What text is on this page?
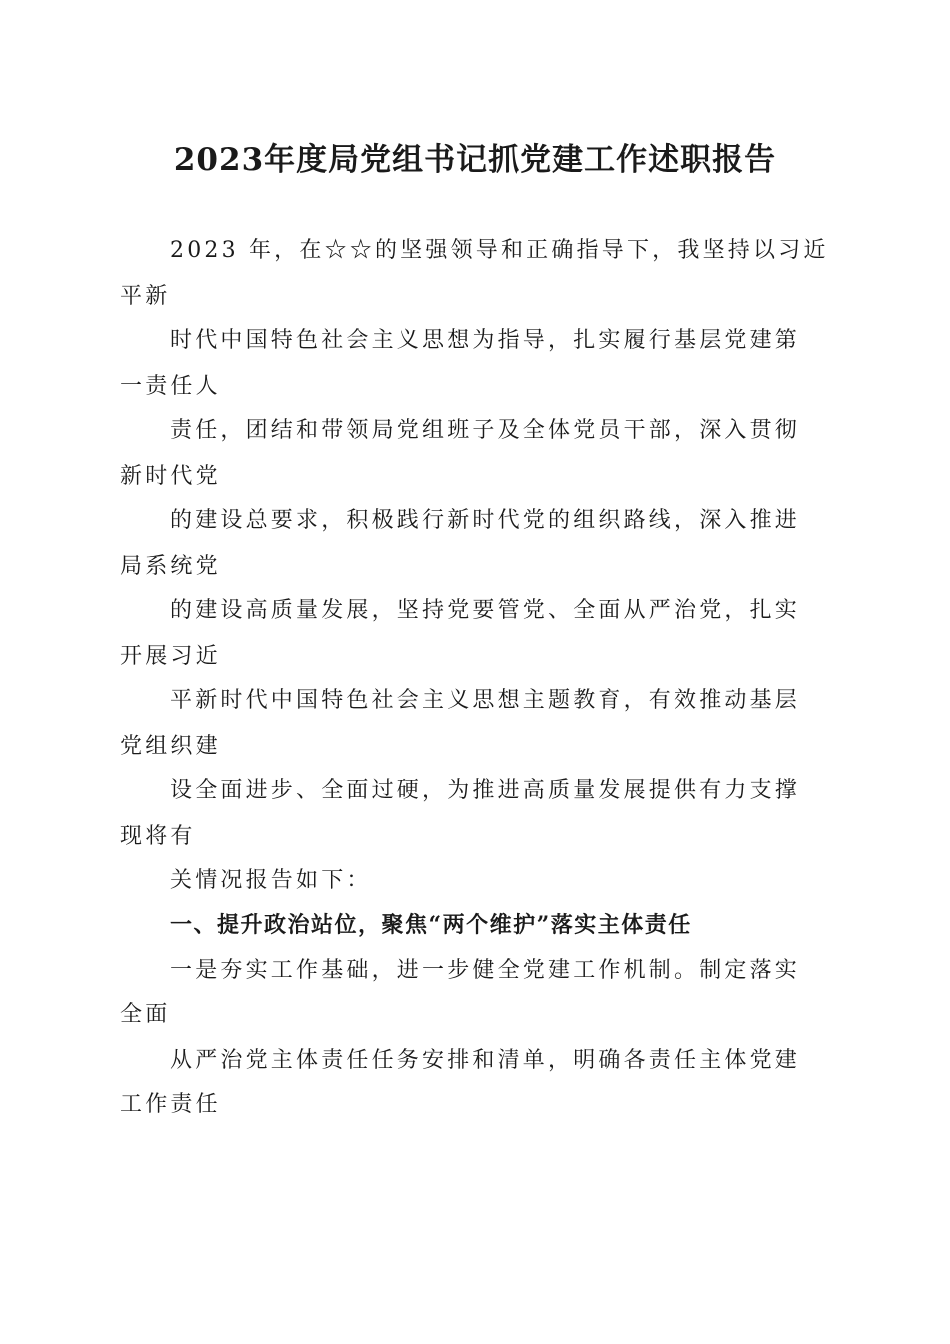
2023年度局党组书记抓党建工作述职报告
2023 年，在☆☆的坚强领导和正确指导下，我坚持以习近
平新
时代中国特色社会主义思想为指导，扎实履行基层党建第
一责任人
责任，团结和带领局党组班子及全体党员干部，深入贯彻
新时代党
的建设总要求，积极践行新时代党的组织路线，深入推进
局系统党
的建设高质量发展，坚持党要管党、全面从严治党，扎实
开展习近
平新时代中国特色社会主义思想主题教育，有效推动基层
党组织建
设全面进步、全面过硬，为推进高质量发展提供有力支撑
现将有
关情况报告如下：
一、提升政治站位，聚焦“两个维护”落实主体责任
一是夯实工作基础，进一步健全党建工作机制。制定落实
全面
从严治党主体责任任务安排和清单，明确各责任主体党建
工作责任
